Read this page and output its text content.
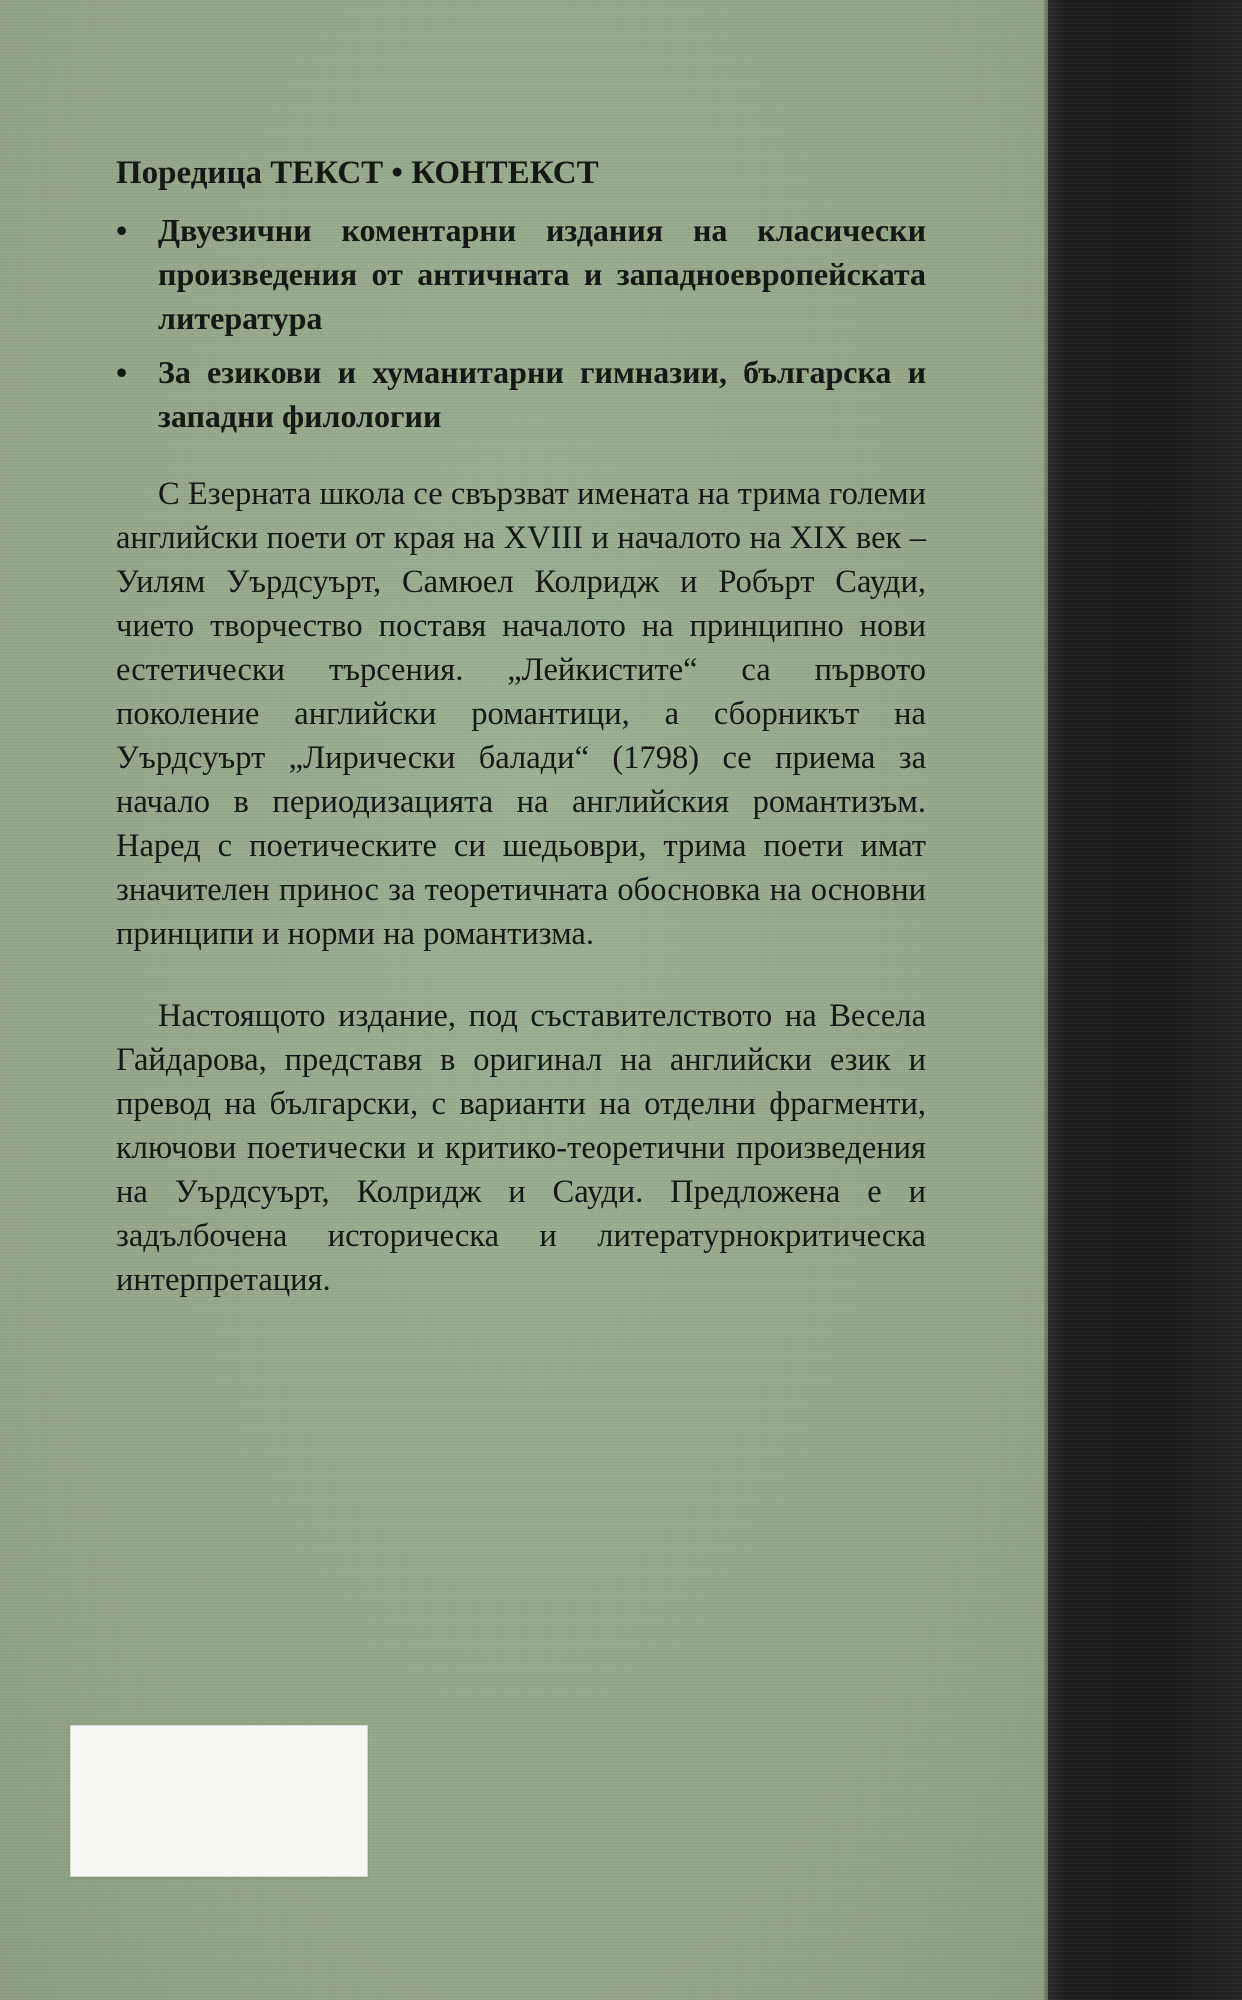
Поредица ТЕКСТ • КОНТЕКСТ
• Двуезични коментарни издания на класически произведения от античната и западноевропейската литература
• За езикови и хуманитарни гимназии, българска и западни филологии

С Езерната школа се свързват имената на трима големи английски поети от края на XVIII и началото на XIX век – Уилям Уърдсуърт, Самюел Колридж и Робърт Сауди, чието творчество поставя началото на принципно нови естетически търсения. „Лейкистите“ са първото поколение английски романтици, а сборникът на Уърдсуърт „Лирически балади“ (1798) се приема за начало в периодизацията на английския романтизъм. Наред с поетическите си шедьоври, трима поети имат значителен принос за теоретичната обосновка на основни принципи и норми на романтизма.

Настоящото издание, под съставителството на Весела Гайдарова, представя в оригинал на английски език и превод на български, с варианти на отделни фрагменти, ключови поетически и критико-теоретични произведения на Уърдсуърт, Колридж и Сауди. Предложена е и задълбочена историческа и литературнокритическа интерпретация.
